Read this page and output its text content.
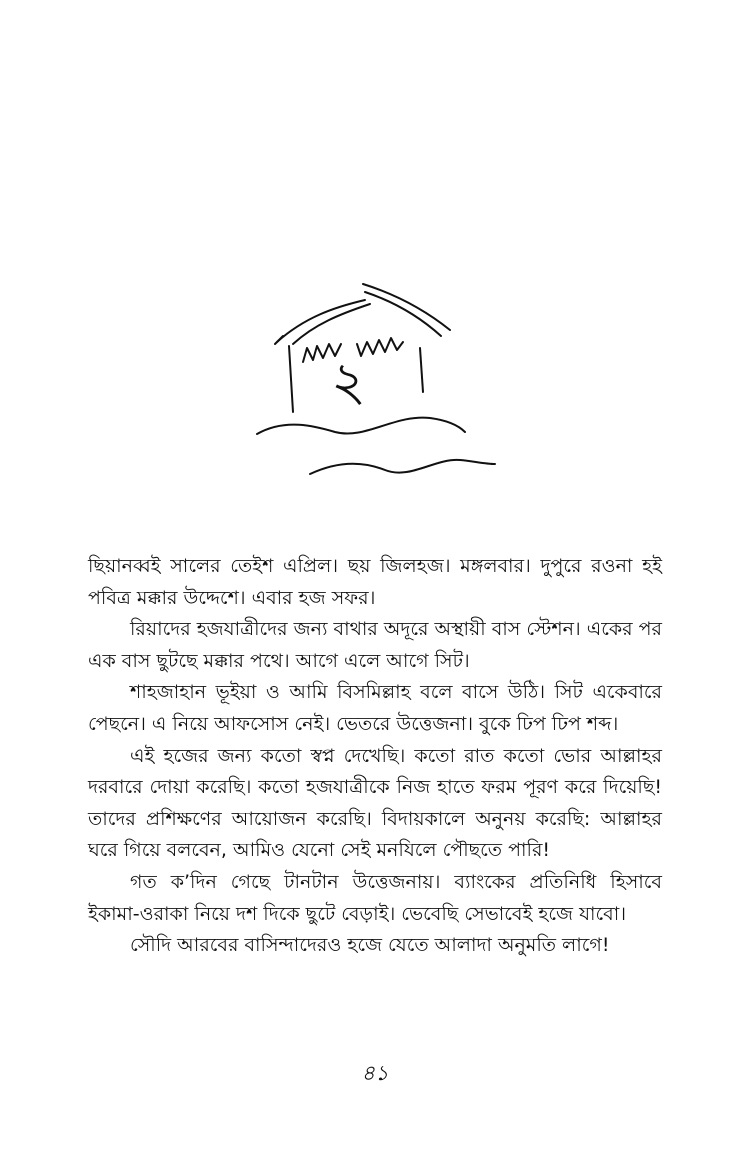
২

ছিয়ানব্বই সালের তেইশ এপ্রিল। ছয় জিলহজ। মঙ্গলবার। দুপুরে রওনা হই পবিত্র মক্কার উদ্দেশে। এবার হজ সফর।

রিয়াদের হজযাত্রীদের জন্য বাথার অদূরে অস্থায়ী বাস স্টেশন। একের পর এক বাস ছুটছে মক্কার পথে। আগে এলে আগে সিট।

শাহজাহান ভূইয়া ও আমি বিসমিল্লাহ বলে বাসে উঠি। সিট একেবারে পেছনে। এ নিয়ে আফসোস নেই। ভেতরে উত্তেজনা। বুকে ঢিপ ঢিপ শব্দ।

এই হজের জন্য কতো স্বপ্ন দেখেছি। কতো রাত কতো ভোর আল্লাহর দরবারে দোয়া করেছি। কতো হজযাত্রীকে নিজ হাতে ফরম পূরণ করে দিয়েছি! তাদের প্রশিক্ষণের আয়োজন করেছি। বিদায়কালে অনুনয় করেছি: আল্লাহর ঘরে গিয়ে বলবেন, আমিও যেনো সেই মনযিলে পৌছতে পারি!

গত ক’দিন গেছে টানটান উত্তেজনায়। ব্যাংকের প্রতিনিধি হিসাবে ইকামা-ওরাকা নিয়ে দশ দিকে ছুটে বেড়াই। ভেবেছি সেভাবেই হজে যাবো।

সৌদি আরবের বাসিন্দাদেরও হজে যেতে আলাদা অনুমতি লাগে!

৪১
